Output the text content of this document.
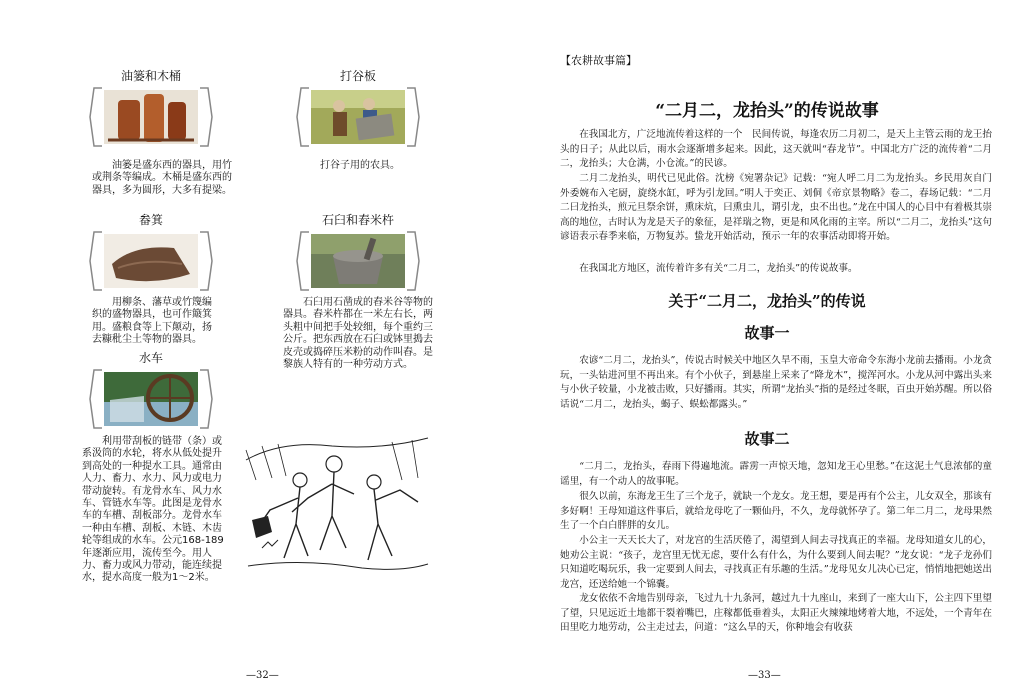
油篓和木桶
油篓是盛东西的器具，用竹或荆条等编成。木桶是盛东西的器具，多为圆形，大多有提梁。
打谷板
打谷子用的农具。
畚箕
用柳条、藩草或竹篾编织的盛物器具，也可作簸箕用。盛粮食等上下颠动，扬去糠秕尘土等物的器具。
石臼和舂米杵
石臼用石凿成的舂米谷等物的器具。舂米杵都在一米左右长，两头粗中间把手处较细，每个重约三公斤。把东西放在石臼或钵里搗去皮壳或捣碎压米粉的动作叫舂。是黎族人特有的一种劳动方式。
水车
利用带刮板的链带（条）或系汲筒的水轮，将水从低处提升到高处的一种提水工具。通常由人力、畜力、水力、风力或电力带动旋转。有龙骨水车、风力水车、管链水车等。此图是龙骨水车的车槽、刮板部分。龙骨水车一种由车槽、刮板、木链、木齿轮等组成的水车。公元168-189年逐渐应用，流传至今。用人力、畜力或风力带动，能连续提水，提水高度一般为1～2米。
—32—
【农耕故事篇】
“二月二，龙抬头”的传说故事
在我国北方，广泛地流传着这样的一个　民间传说，每逢农历二月初二，是天上主管云雨的龙王抬头的日子；从此以后，雨水会逐渐增多起来。因此，这天就叫“春龙节”。中国北方广泛的流传着“二月二，龙抬头；大仓满，小仓流。”的民谚。
二月二龙抬头，明代已见此俗。沈榜《宛署杂记》记载：“宛人呼二月二为龙抬头。乡民用灰自门外委婉布入宅厨，旋绕水缸，呼为引龙回。”明人于奕正、刘侗《帝京景物略》卷二，春场记载：“二月二曰龙抬头，煎元旦祭余饼，熏床炕，曰熏虫儿，谓引龙，虫不出也。”龙在中国人的心目中有着极其崇高的地位，古时认为龙是天子的象征，是祥瑞之物，更是和风化雨的主宰。所以“二月二，龙抬头”这句谚语表示春季来临，万物复苏。蛰龙开始活动，预示一年的农事活动即将开始。
在我国北方地区，流传着许多有关“二月二，龙抬头”的传说故事。
关于“二月二，龙抬头”的传说
故事一
农谚“二月二，龙抬头”，传说古时候关中地区久旱不雨，玉皇大帝命令东海小龙前去播雨。小龙贪玩，一头钻进河里不再出来。有个小伙子，到悬崖上采来了“降龙木”，搅浑河水。小龙从河中露出头来与小伙子较量，小龙被击败，只好播雨。其实，所谓“龙抬头”指的是经过冬眠，百虫开始苏醒。所以俗话说“二月二，龙抬头，蝎子、蜈蚣都露头。”
故事二
“二月二，龙抬头，春雨下得遍地流。霹雳一声惊天地，忽知龙王心里愁。”在这泥土气息浓郁的童谣里，有一个动人的故事呢。
很久以前，东海龙王生了三个龙子，就缺一个龙女。龙王想，要是再有个公主，儿女双全，那该有多好啊！王母知道这件事后，就给龙母吃了一颗仙丹，不久，龙母就怀孕了。第二年二月二，龙母果然生了一个白白胖胖的女儿。
小公主一天天长大了，对龙宫的生活厌倦了，渴望到人间去寻找真正的幸福。龙母知道女儿的心，她劝公主说：“孩子，龙宫里无忧无虑，要什么有什么，为什么要到人间去呢？”龙女说：“龙子龙孙们只知道吃喝玩乐，我一定要到人间去，寻找真正有乐趣的生活。”龙母见女儿决心已定，悄悄地把她送出龙宫，还送给她一个锦囊。
龙女依依不舍地告别母亲，飞过九十九条河，越过九十九座山，来到了一座大山下，公主四下里望了望，只见远近土地都干裂着嘴巴，庄稼都低垂着头，太阳正火辣辣地烤着大地，不远处，一个青年在田里吃力地劳动，公主走过去，问道：“这么旱的天，你种地会有收获
—33—
